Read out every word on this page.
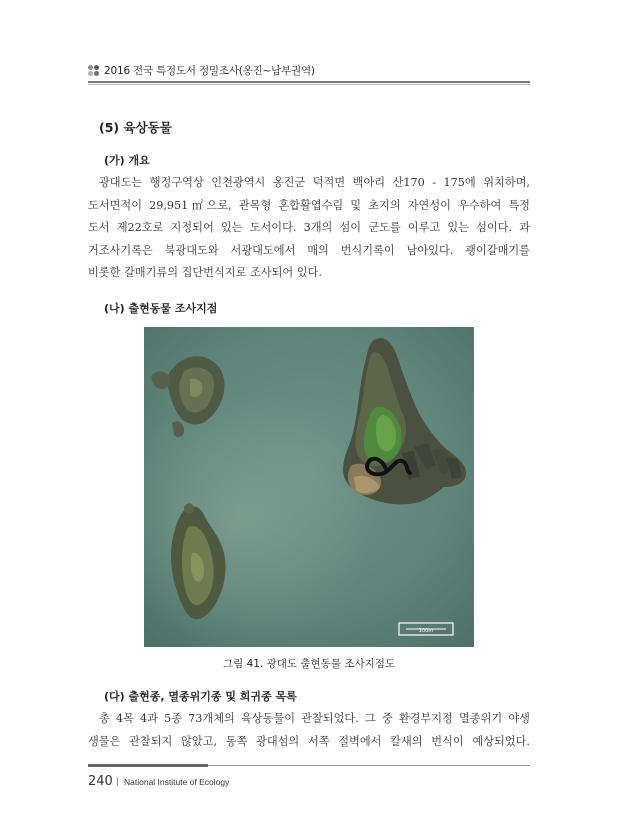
2016 전국 특정도서 정밀조사(옹진~남부권역)
(5) 육상동물
(가) 개요
광대도는 행정구역상 인천광역시 옹진군 덕적면 백아리 산170 - 175에 위치하며,
도서면적이 29,951㎡으로, 관목형 혼합활엽수림 및 초지의 자연성이 우수하여 특정
도서 제22호로 지정되어 있는 도서이다. 3개의 섬이 군도를 이루고 있는 섬이다. 과
거조사기록은 북광대도와 서광대도에서 매의 번식기록이 남아있다. 괭이갈매기를
비롯한 갈매기류의 집단번식지로 조사되어 있다.
(나) 출현동물 조사지점
100m
그림 41. 광대도 출현동물 조사지점도
(다) 출현종, 멸종위기종 및 희귀종 목록
총 4목 4과 5종 73개체의 육상동물이 관찰되었다. 그 중 환경부지정 멸종위기 야생
생물은 관찰되지 않았고, 동쪽 광대섬의 서쪽 절벽에서 칼새의 번식이 예상되었다.
240 | National Institute of Ecology
